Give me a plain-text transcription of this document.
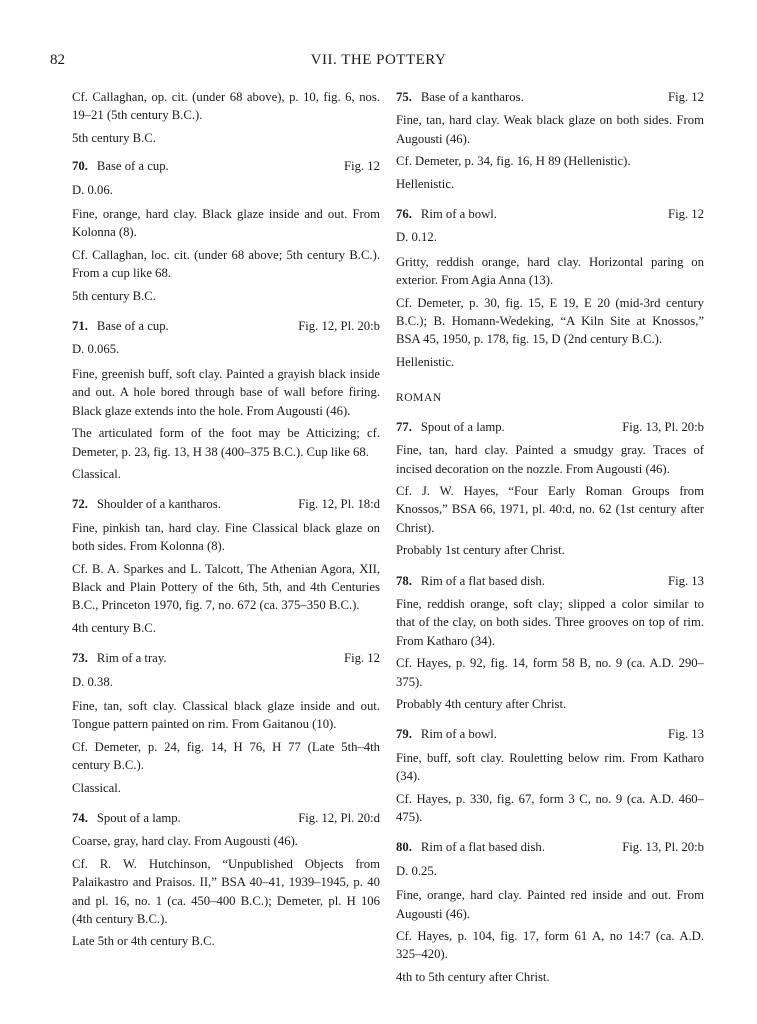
82	VII. THE POTTERY
Cf. Callaghan, op. cit. (under 68 above), p. 10, fig. 6, nos. 19–21 (5th century B.C.).
5th century B.C.
70. Base of a cup.	Fig. 12
D. 0.06.
Fine, orange, hard clay. Black glaze inside and out. From Kolonna (8).
Cf. Callaghan, loc. cit. (under 68 above; 5th century B.C.). From a cup like 68.
5th century B.C.
71. Base of a cup.	Fig. 12, Pl. 20:b
D. 0.065.
Fine, greenish buff, soft clay. Painted a grayish black inside and out. A hole bored through base of wall before firing. Black glaze extends into the hole. From Augousti (46).
The articulated form of the foot may be Atticizing; cf. Demeter, p. 23, fig. 13, H 38 (400–375 B.C.). Cup like 68.
Classical.
72. Shoulder of a kantharos.	Fig. 12, Pl. 18:d
Fine, pinkish tan, hard clay. Fine Classical black glaze on both sides. From Kolonna (8).
Cf. B. A. Sparkes and L. Talcott, The Athenian Agora, XII, Black and Plain Pottery of the 6th, 5th, and 4th Centuries B.C., Princeton 1970, fig. 7, no. 672 (ca. 375–350 B.C.).
4th century B.C.
73. Rim of a tray.	Fig. 12
D. 0.38.
Fine, tan, soft clay. Classical black glaze inside and out. Tongue pattern painted on rim. From Gaitanou (10).
Cf. Demeter, p. 24, fig. 14, H 76, H 77 (Late 5th–4th century B.C.).
Classical.
74. Spout of a lamp.	Fig. 12, Pl. 20:d
Coarse, gray, hard clay. From Augousti (46).
Cf. R. W. Hutchinson, “Unpublished Objects from Palaikastro and Praisos. II,” BSA 40–41, 1939–1945, p. 40 and pl. 16, no. 1 (ca. 450–400 B.C.); Demeter, pl. H 106 (4th century B.C.).
Late 5th or 4th century B.C.
75. Base of a kantharos.	Fig. 12
Fine, tan, hard clay. Weak black glaze on both sides. From Augousti (46).
Cf. Demeter, p. 34, fig. 16, H 89 (Hellenistic).
Hellenistic.
76. Rim of a bowl.	Fig. 12
D. 0.12.
Gritty, reddish orange, hard clay. Horizontal paring on exterior. From Agia Anna (13).
Cf. Demeter, p. 30, fig. 15, E 19, E 20 (mid-3rd century B.C.); B. Homann-Wedeking, “A Kiln Site at Knossos,” BSA 45, 1950, p. 178, fig. 15, D (2nd century B.C.).
Hellenistic.
ROMAN
77. Spout of a lamp.	Fig. 13, Pl. 20:b
Fine, tan, hard clay. Painted a smudgy gray. Traces of incised decoration on the nozzle. From Augousti (46).
Cf. J. W. Hayes, “Four Early Roman Groups from Knossos,” BSA 66, 1971, pl. 40:d, no. 62 (1st century after Christ).
Probably 1st century after Christ.
78. Rim of a flat based dish.	Fig. 13
Fine, reddish orange, soft clay; slipped a color similar to that of the clay, on both sides. Three grooves on top of rim. From Katharo (34).
Cf. Hayes, p. 92, fig. 14, form 58 B, no. 9 (ca. A.D. 290–375).
Probably 4th century after Christ.
79. Rim of a bowl.	Fig. 13
Fine, buff, soft clay. Rouletting below rim. From Katharo (34).
Cf. Hayes, p. 330, fig. 67, form 3 C, no. 9 (ca. A.D. 460–475).
80. Rim of a flat based dish.	Fig. 13, Pl. 20:b
D. 0.25.
Fine, orange, hard clay. Painted red inside and out. From Augousti (46).
Cf. Hayes, p. 104, fig. 17, form 61 A, no 14:7 (ca. A.D. 325–420).
4th to 5th century after Christ.
